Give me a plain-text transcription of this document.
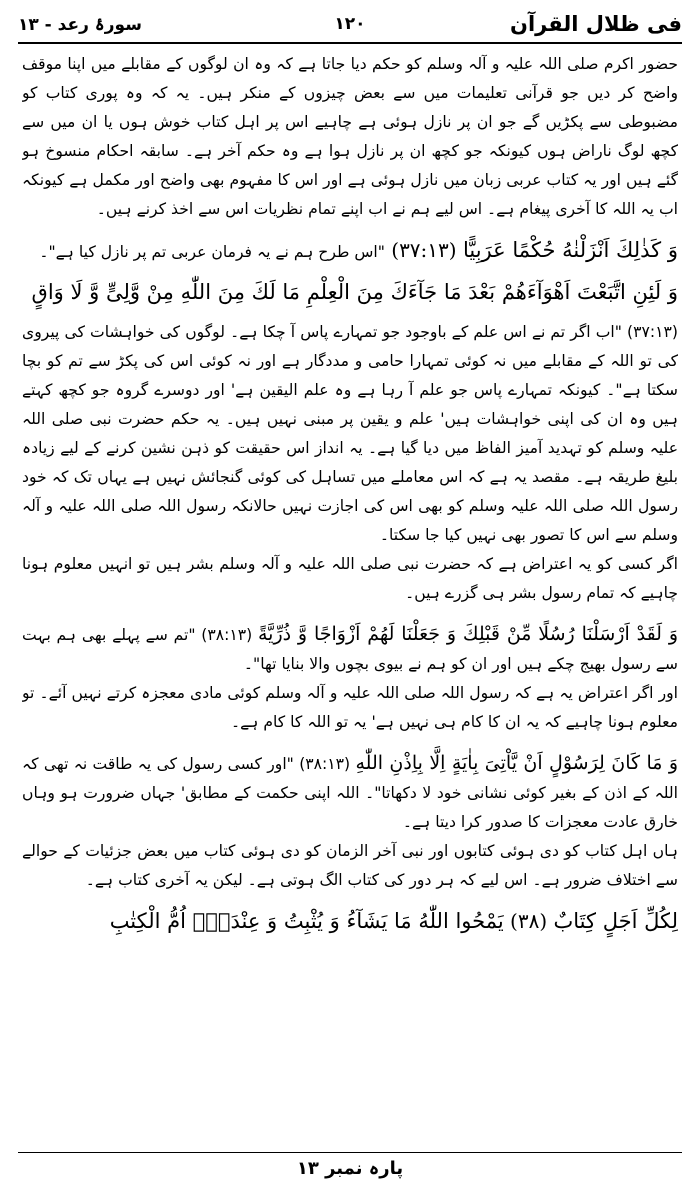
فی ظلال القرآن
۱۲۰
سورۂ رعد - ۱۳

حضور اکرم صلی اللہ علیہ و آلہ وسلم کو حکم دیا جاتا ہے کہ وہ ان لوگوں کے مقابلے میں اپنا موقف واضح کر دیں جو قرآنی تعلیمات میں سے بعض چیزوں کے منکر ہیں۔ یہ کہ وہ پوری کتاب کو مضبوطی سے پکڑیں گے جو ان پر نازل ہوئی ہے چاہیے اس پر اہل کتاب خوش ہوں یا ان میں سے کچھ لوگ ناراض ہوں کیونکہ جو کچھ ان پر نازل ہوا ہے وہ حکم آخر ہے۔ سابقہ احکام منسوخ ہو گئے ہیں اور یہ کتاب عربی زبان میں نازل ہوئی ہے اور اس کا مفہوم بھی واضح اور مکمل ہے کیونکہ اب یہ اللہ کا آخری پیغام ہے۔ اس لیے ہم نے اب اپنے تمام نظریات اس سے اخذ کرنے ہیں۔

وَ كَذٰلِكَ اَنْزَلْنٰهُ حُكْمًا عَرَبِيًّا (۳۷:۱۳) "اس طرح ہم نے یہ فرمان عربی تم پر نازل کیا ہے"۔

وَ لَئِنِ اتَّبَعْتَ اَهْوَآءَهُمْ بَعْدَ مَا جَآءَكَ مِنَ الْعِلْمِ مَا لَكَ مِنَ اللّٰهِ مِنْ وَّلِیٍّ وَّ لَا وَاقٍ

(۳۷:۱۳) "اب اگر تم نے اس علم کے باوجود جو تمہارے پاس آ چکا ہے۔ لوگوں کی خواہشات کی پیروی کی تو اللہ کے مقابلے میں نہ کوئی تمہارا حامی و مددگار ہے اور نہ کوئی اس کی پکڑ سے تم کو بچا سکتا ہے"۔ کیونکہ تمہارے پاس جو علم آ رہا ہے وہ علم الیقین ہے' اور دوسرے گروہ جو کچھ کہتے ہیں وہ ان کی اپنی خواہشات ہیں' علم و یقین پر مبنی نہیں ہیں۔ یہ حکم حضرت نبی صلی اللہ علیہ وسلم کو تہدید آمیز الفاظ میں دیا گیا ہے۔ یہ انداز اس حقیقت کو ذہن نشین کرنے کے لیے زیادہ بلیغ طریقہ ہے۔ مقصد یہ ہے کہ اس معاملے میں تساہل کی کوئی گنجائش نہیں ہے یہاں تک کہ خود رسول اللہ صلی اللہ علیہ وسلم کو بھی اس کی اجازت نہیں حالانکہ رسول اللہ صلی اللہ علیہ و آلہ وسلم سے اس کا تصور بھی نہیں کیا جا سکتا۔

اگر کسی کو یہ اعتراض ہے کہ حضرت نبی صلی اللہ علیہ و آلہ وسلم بشر ہیں تو انہیں معلوم ہونا چاہیے کہ تمام رسول بشر ہی گزرے ہیں۔

وَ لَقَدْ اَرْسَلْنَا رُسُلًا مِّنْ قَبْلِكَ وَ جَعَلْنَا لَهُمْ اَزْوَاجًا وَّ ذُرِّيَّةً (۳۸:۱۳) "تم سے پہلے بھی ہم بہت سے رسول بھیج چکے ہیں اور ان کو ہم نے بیوی بچوں والا بنایا تھا"۔

اور اگر اعتراض یہ ہے کہ رسول اللہ صلی اللہ علیہ و آلہ وسلم کوئی مادی معجزہ کرتے نہیں آئے۔ تو معلوم ہونا چاہیے کہ یہ ان کا کام ہی نہیں ہے' یہ تو اللہ کا کام ہے۔

وَ مَا كَانَ لِرَسُوْلٍ اَنْ يَّاْتِیَ بِاٰيَةٍ اِلَّا بِاِذْنِ اللّٰهِ (۳۸:۱۳) "اور کسی رسول کی یہ طاقت نہ تھی کہ اللہ کے اذن کے بغیر کوئی نشانی خود لا دکھاتا"۔ اللہ اپنی حکمت کے مطابق' جہاں ضرورت ہو وہاں خارق عادت معجزات کا صدور کرا دیتا ہے۔

ہاں اہل کتاب کو دی ہوئی کتابوں اور نبی آخر الزمان کو دی ہوئی کتاب میں بعض جزئیات کے حوالے سے اختلاف ضرور ہے۔ اس لیے کہ ہر دور کی کتاب الگ ہوتی ہے۔ لیکن یہ آخری کتاب ہے۔

لِكُلِّ اَجَلٍ كِتَابٌ (۳۸) يَمْحُوا اللّٰهُ مَا يَشَآءُ وَ يُثْبِتُ وَ عِنْدَهٗۤ اُمُّ الْكِتٰبِ

پارہ نمبر ۱۳
